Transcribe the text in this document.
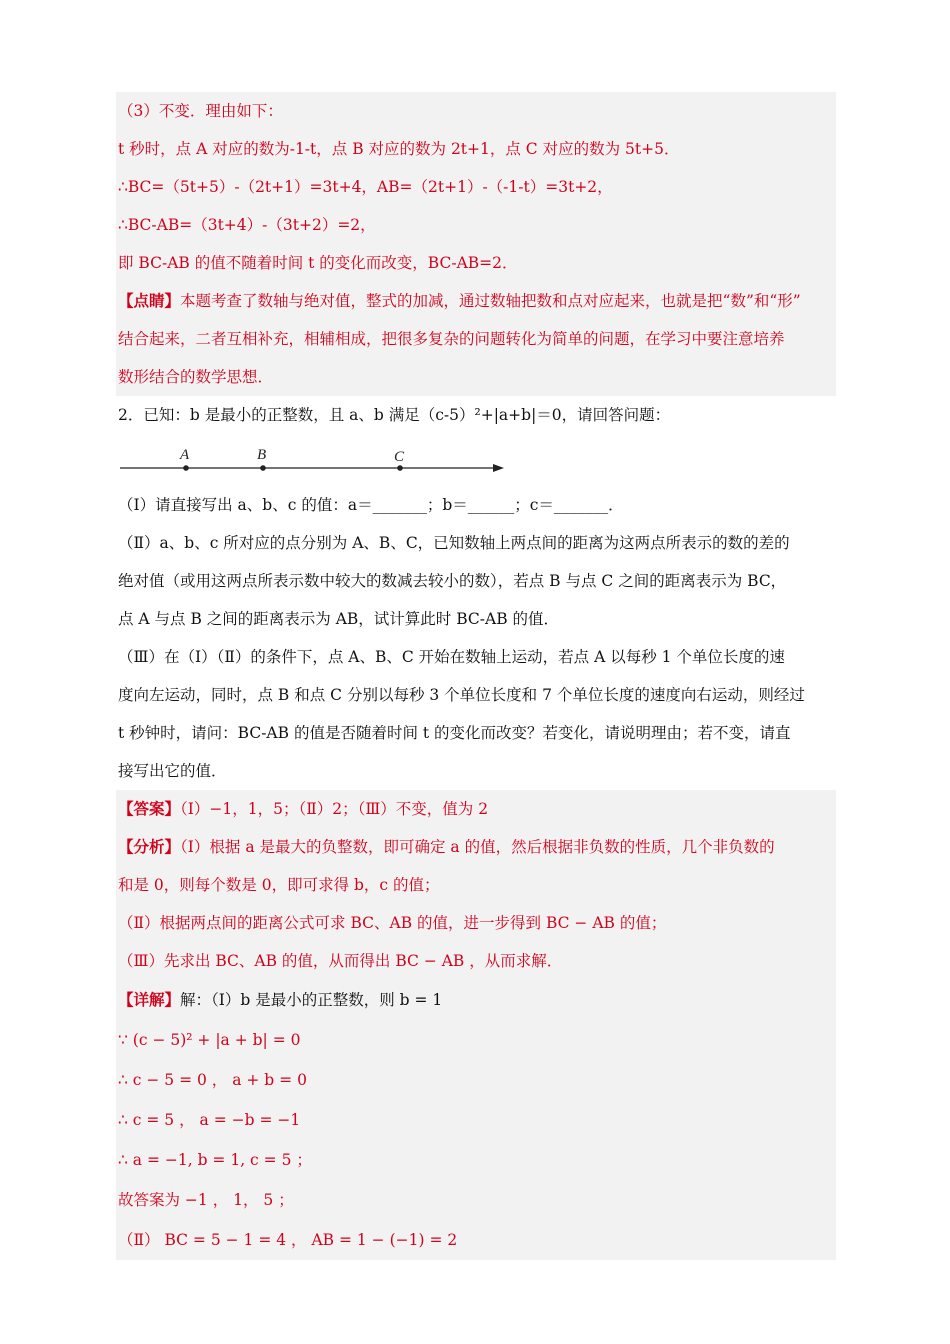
（3）不变．理由如下：
t 秒时，点 A 对应的数为-1-t，点 B 对应的数为 2t+1，点 C 对应的数为 5t+5．
∴BC=（5t+5）-（2t+1）=3t+4，AB=（2t+1）-（-1-t）=3t+2，
∴BC-AB=（3t+4）-（3t+2）=2，
即 BC-AB 的值不随着时间 t 的变化而改变，BC-AB=2．
【点睛】本题考查了数轴与绝对值，整式的加减，通过数轴把数和点对应起来，也就是把“数”和“形”
结合起来，二者互相补充，相辅相成，把很多复杂的问题转化为简单的问题，在学习中要注意培养
数形结合的数学思想．
2．已知：b 是最小的正整数，且 a、b 满足（c-5）²+|a+b|＝0，请回答问题：
A	B	C
（Ⅰ）请直接写出 a、b、c 的值：a＝_______；b＝______；c＝_______．
（Ⅱ）a、b、c 所对应的点分别为 A、B、C，已知数轴上两点间的距离为这两点所表示的数的差的
绝对值（或用这两点所表示数中较大的数减去较小的数），若点 B 与点 C 之间的距离表示为 BC，
点 A 与点 B 之间的距离表示为 AB，试计算此时 BC-AB 的值．
（Ⅲ）在（Ⅰ）（Ⅱ）的条件下，点 A、B、C 开始在数轴上运动，若点 A 以每秒 1 个单位长度的速
度向左运动，同时，点 B 和点 C 分别以每秒 3 个单位长度和 7 个单位长度的速度向右运动，则经过
t 秒钟时，请问：BC-AB 的值是否随着时间 t 的变化而改变？若变化，请说明理由；若不变，请直
接写出它的值．
【答案】（Ⅰ）−1，1，5；（Ⅱ）2；（Ⅲ）不变，值为 2
【分析】（Ⅰ）根据 a 是最大的负整数，即可确定 a 的值，然后根据非负数的性质，几个非负数的
和是 0，则每个数是 0，即可求得 b，c 的值；
（Ⅱ）根据两点间的距离公式可求 BC、AB 的值，进一步得到 BC − AB 的值；
（Ⅲ）先求出 BC、AB 的值，从而得出 BC − AB ，从而求解．
【详解】解：（Ⅰ）b 是最小的正整数，则 b = 1
∵ (c − 5)² + |a + b| = 0
∴ c − 5 = 0 ， a + b = 0
∴ c = 5 ， a = −b = −1
∴ a = −1, b = 1, c = 5 ；
故答案为 −1 ， 1， 5 ；
（Ⅱ） BC = 5 − 1 = 4 ， AB = 1 − (−1) = 2
